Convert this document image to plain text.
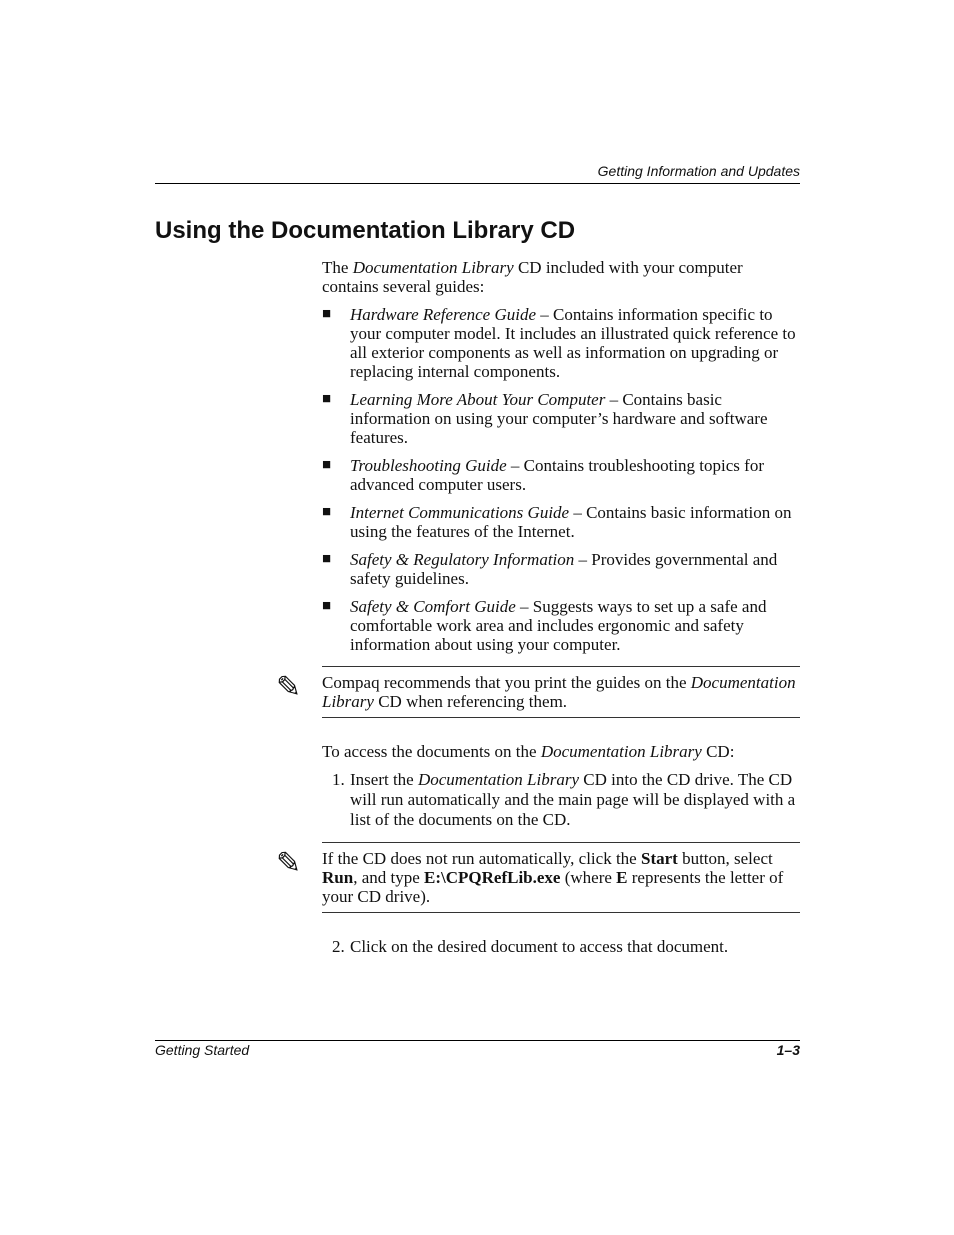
Getting Information and Updates
Using the Documentation Library CD

The Documentation Library CD included with your computer contains several guides:

■ Hardware Reference Guide – Contains information specific to your computer model. It includes an illustrated quick reference to all exterior components as well as information on upgrading or replacing internal components.
■ Learning More About Your Computer – Contains basic information on using your computer’s hardware and software features.
■ Troubleshooting Guide – Contains troubleshooting topics for advanced computer users.
■ Internet Communications Guide – Contains basic information on using the features of the Internet.
■ Safety & Regulatory Information – Provides governmental and safety guidelines.
■ Safety & Comfort Guide – Suggests ways to set up a safe and comfortable work area and includes ergonomic and safety information about using your computer.
✎ Compaq recommends that you print the guides on the Documentation Library CD when referencing them.

To access the documents on the Documentation Library CD:

1. Insert the Documentation Library CD into the CD drive. The CD will run automatically and the main page will be displayed with a list of the documents on the CD.
✎ If the CD does not run automatically, click the Start button, select Run, and type E:\CPQRefLib.exe (where E represents the letter of your CD drive).

2. Click on the desired document to access that document.
Getting Started	1–3
